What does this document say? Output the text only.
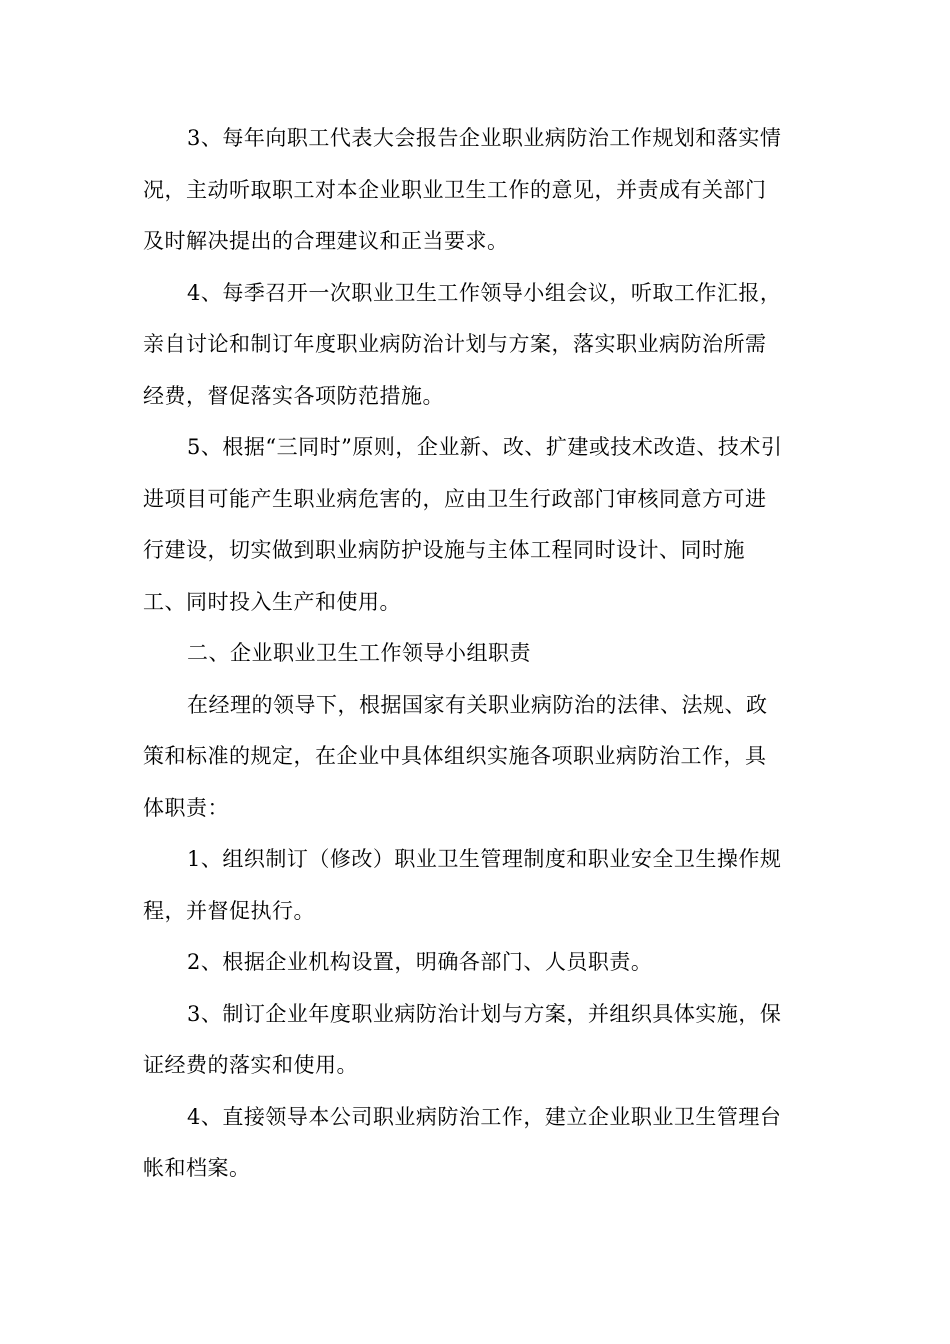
3、每年向职工代表大会报告企业职业病防治工作规划和落实情
况，主动听取职工对本企业职业卫生工作的意见，并责成有关部门
及时解决提出的合理建议和正当要求。
4、每季召开一次职业卫生工作领导小组会议，听取工作汇报，
亲自讨论和制订年度职业病防治计划与方案，落实职业病防治所需
经费，督促落实各项防范措施。
5、根据“三同时”原则，企业新、改、扩建或技术改造、技术引
进项目可能产生职业病危害的，应由卫生行政部门审核同意方可进
行建设，切实做到职业病防护设施与主体工程同时设计、同时施
工、同时投入生产和使用。
二、企业职业卫生工作领导小组职责
在经理的领导下，根据国家有关职业病防治的法律、法规、政
策和标准的规定，在企业中具体组织实施各项职业病防治工作，具
体职责：
1、组织制订（修改）职业卫生管理制度和职业安全卫生操作规
程，并督促执行。
2、根据企业机构设置，明确各部门、人员职责。
3、制订企业年度职业病防治计划与方案，并组织具体实施，保
证经费的落实和使用。
4、直接领导本公司职业病防治工作，建立企业职业卫生管理台
帐和档案。
